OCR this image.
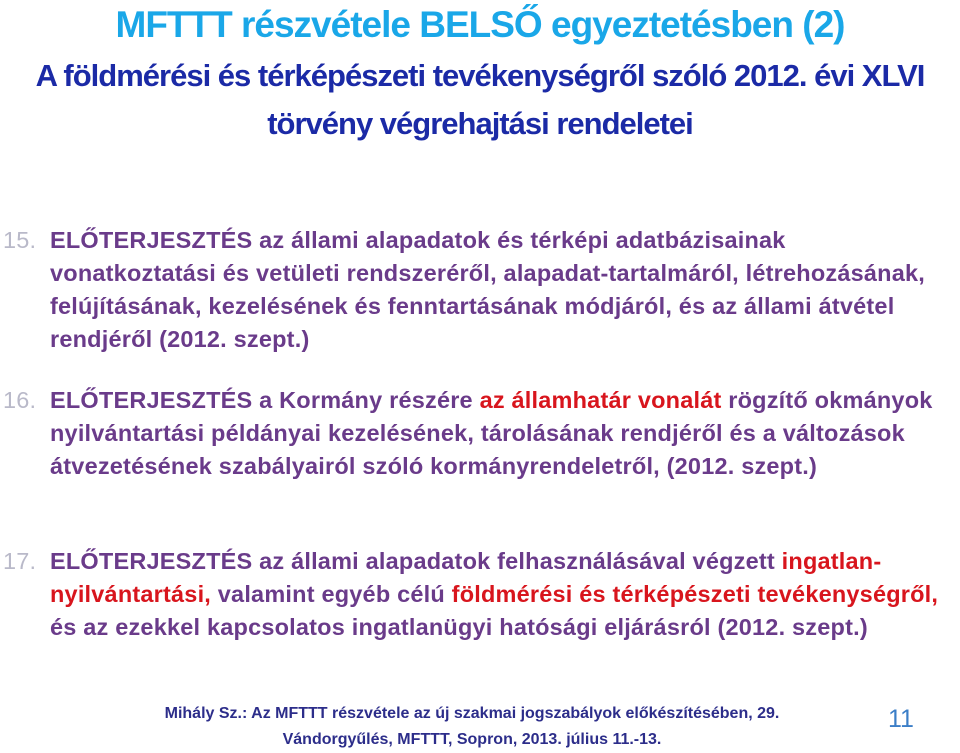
MFTTT részvétele BELSŐ egyeztetésben (2)
A földmérési és térképészeti tevékenységről szóló 2012. évi XLVI
törvény végrehajtási rendeletei

15. ELŐTERJESZTÉS az állami alapadatok és térképi adatbázisainak vonatkoztatási és vetületi rendszeréről, alapadat-tartalmáról, létrehozásának, felújításának, kezelésének és fenntartásának módjáról, és az állami átvétel rendjéről (2012. szept.)

16. ELŐTERJESZTÉS a Kormány részére az államhatár vonalát rögzítő okmányok nyilvántartási példányai kezelésének, tárolásának rendjéről és a változások átvezetésének szabályairól szóló kormányrendeletről, (2012. szept.)

17. ELŐTERJESZTÉS az állami alapadatok felhasználásával végzett ingatlan-nyilvántartási, valamint egyéb célú földmérési és térképészeti tevékenységről, és az ezekkel kapcsolatos ingatlanügyi hatósági eljárásról (2012. szept.)

Mihály Sz.: Az MFTTT részvétele az új szakmai jogszabályok előkészítésében, 29.

Vándorgyűlés, MFTTT, Sopron, 2013. július 11.-13.

11
